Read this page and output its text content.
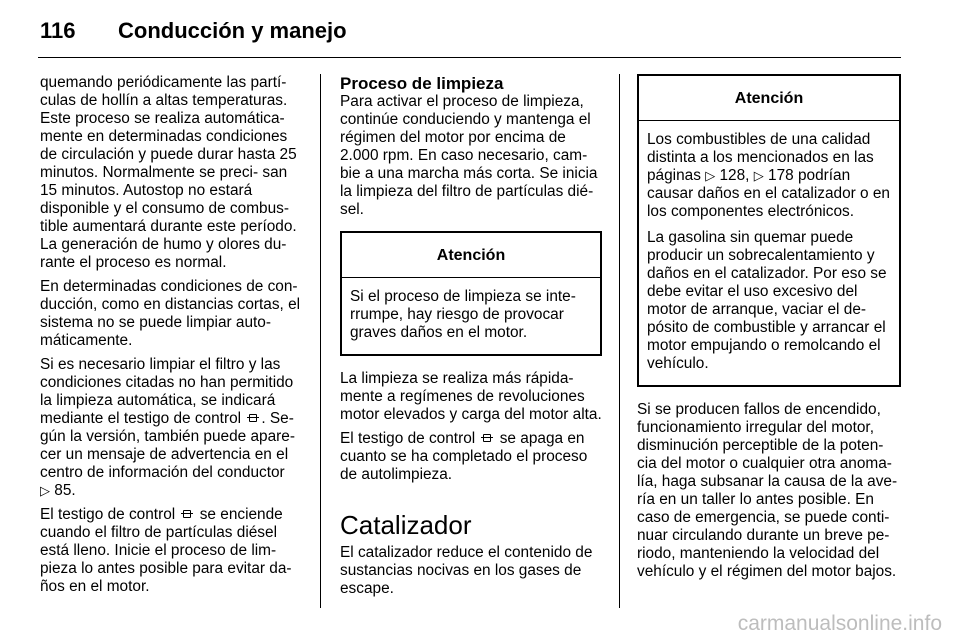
116 Conducción y manejo

quemando periódicamente las partí- culas de hollín a altas temperaturas. Este proceso se realiza automática- mente en determinadas condiciones de circulación y puede durar hasta 25 minutos. Normalmente se preci- san 15 minutos. Autostop no estará disponible y el consumo de combus- tible aumentará durante este período. La generación de humo y olores du- rante el proceso es normal.

En determinadas condiciones de con- ducción, como en distancias cortas, el sistema no se puede limpiar auto- máticamente.

Si es necesario limpiar el filtro y las condiciones citadas no han permitido la limpieza automática, se indicará mediante el testigo de control . Se- gún la versión, también puede apare- cer un mensaje de advertencia en el centro de información del conductor
▷ 85.

El testigo de control se enciende cuando el filtro de partículas diésel está lleno. Inicie el proceso de lim- pieza lo antes posible para evitar da- ños en el motor.

Proceso de limpieza

Para activar el proceso de limpieza, continúe conduciendo y mantenga el régimen del motor por encima de 2.000 rpm. En caso necesario, cam- bie a una marcha más corta. Se inicia la limpieza del filtro de partículas dié- sel.

Atención

Si el proceso de limpieza se inte- rrumpe, hay riesgo de provocar graves daños en el motor.

La limpieza se realiza más rápida- mente a regímenes de revoluciones motor elevados y carga del motor alta.

El testigo de control se apaga en cuanto se ha completado el proceso de autolimpieza.

Catalizador

El catalizador reduce el contenido de sustancias nocivas en los gases de escape.

Atención

Los combustibles de una calidad distinta a los mencionados en las páginas ▷ 128, ▷ 178 podrían causar daños en el catalizador o en los componentes electrónicos.

La gasolina sin quemar puede producir un sobrecalentamiento y daños en el catalizador. Por eso se debe evitar el uso excesivo del motor de arranque, vaciar el de- pósito de combustible y arrancar el motor empujando o remolcando el vehículo.

Si se producen fallos de encendido, funcionamiento irregular del motor, disminución perceptible de la poten- cia del motor o cualquier otra anoma- lía, haga subsanar la causa de la ave- ría en un taller lo antes posible. En caso de emergencia, se puede conti- nuar circulando durante un breve pe- riodo, manteniendo la velocidad del vehículo y el régimen del motor bajos.

carmanualsonline.info
